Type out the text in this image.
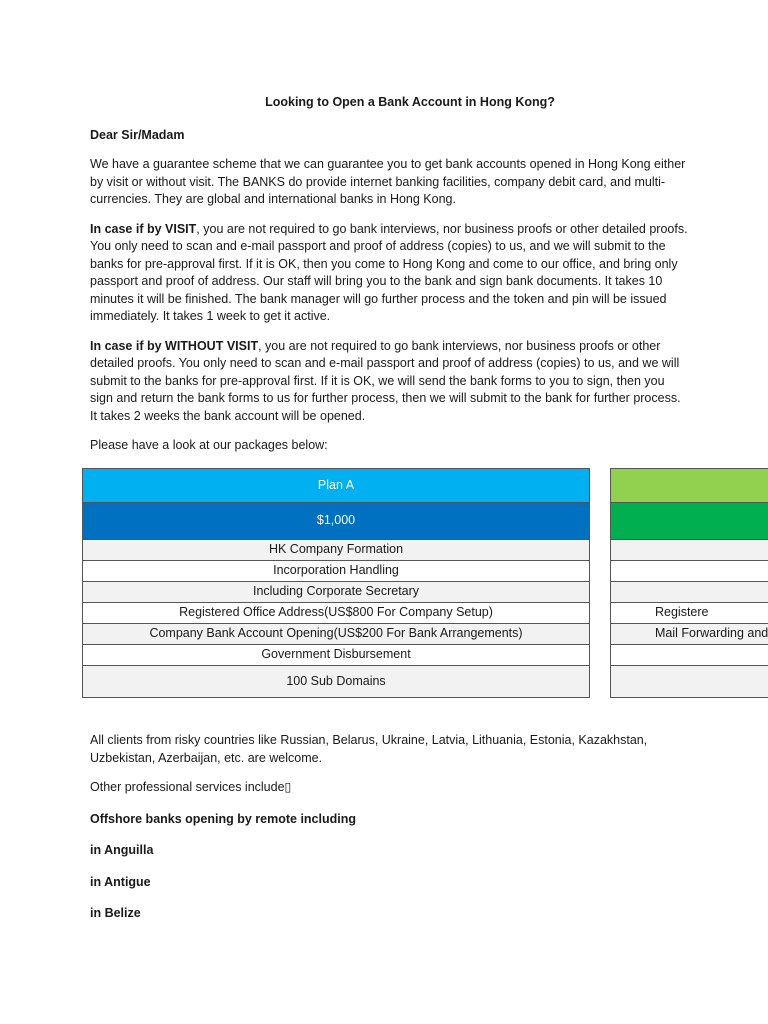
Looking to Open a Bank Account in Hong Kong?

Dear Sir/Madam

We have a guarantee scheme that we can guarantee you to get bank accounts opened in Hong Kong either by visit or without visit. The BANKS do provide internet banking facilities, company debit card, and multi-currencies. They are global and international banks in Hong Kong.

In case if by VISIT, you are not required to go bank interviews, nor business proofs or other detailed proofs. You only need to scan and e-mail passport and proof of address (copies) to us, and we will submit to the banks for pre-approval first. If it is OK, then you come to Hong Kong and come to our office, and bring only passport and proof of address. Our staff will bring you to the bank and sign bank documents. It takes 10 minutes it will be finished. The bank manager will go further process and the token and pin will be issued immediately. It takes 1 week to get it active.

In case if by WITHOUT VISIT, you are not required to go bank interviews, nor business proofs or other detailed proofs. You only need to scan and e-mail passport and proof of address (copies) to us, and we will submit to the banks for pre-approval first. If it is OK, we will send the bank forms to you to sign, then you sign and return the bank forms to us for further process, then we will submit to the bank for further process. It takes 2 weeks the bank account will be opened.

Please have a look at our packages below:

Plan A
$1,000
HK Company Formation
Incorporation Handling
Including Corporate Secretary
Registered Office Address(US$800 For Company Setup)
Company Bank Account Opening(US$200 For Bank Arrangements)
Government Disbursement
100 Sub Domains
Registere
Mail Forwarding and

All clients from risky countries like Russian, Belarus, Ukraine, Latvia, Lithuania, Estonia, Kazakhstan, Uzbekistan, Azerbaijan, etc. are welcome.

Other professional services include▯

Offshore banks opening by remote including

in Anguilla

in Antigue

in Belize
